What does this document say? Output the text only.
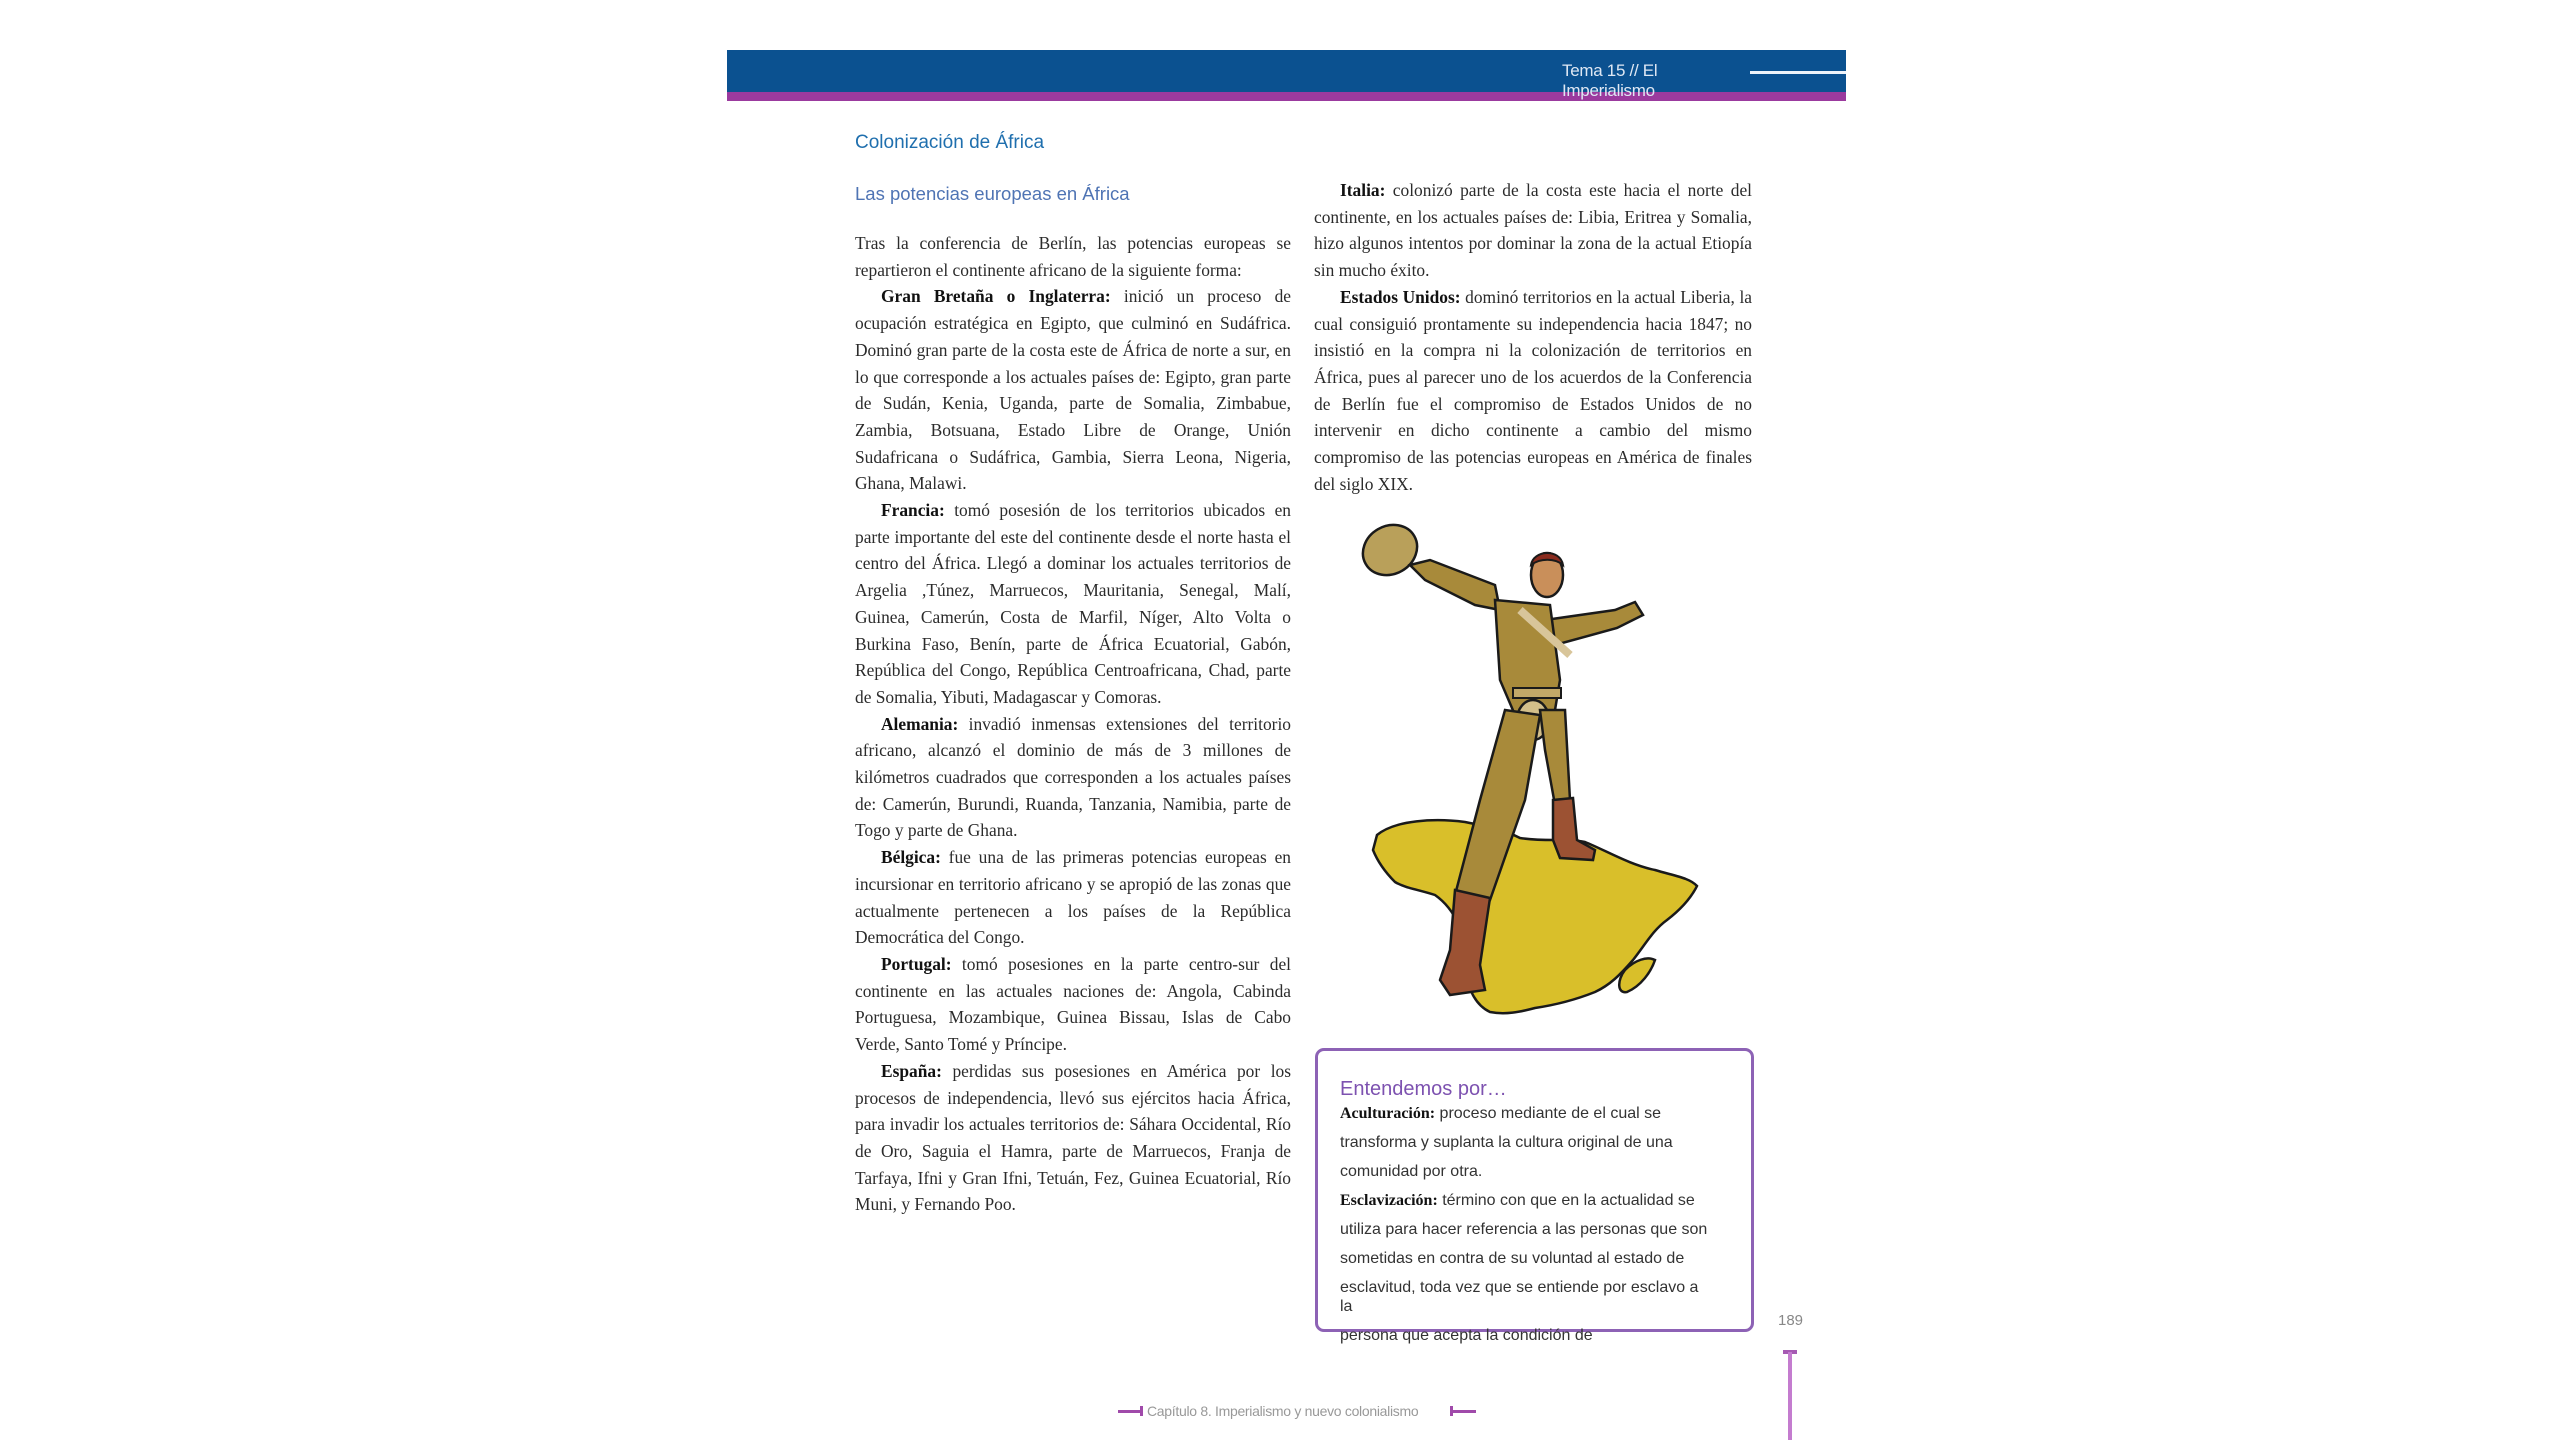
Tema 15 // El Imperialismo
Colonización de África
Las potencias europeas en África

Tras la conferencia de Berlín, las potencias europeas se repartieron el continente africano de la siguiente forma:

Gran Bretaña o Inglaterra: inició un proceso de ocupación estratégica en Egipto, que culminó en Sudáfrica. Dominó gran parte de la costa este de África de norte a sur, en lo que corresponde a los actuales países de: Egipto, gran parte de Sudán, Kenia, Uganda, parte de Somalia, Zimbabue, Zambia, Botsuana, Estado Libre de Orange, Unión Sudafricana o Sudáfrica, Gambia, Sierra Leona, Nigeria, Ghana, Malawi.

Francia: tomó posesión de los territorios ubicados en parte importante del este del continente desde el norte hasta el centro del África. Llegó a dominar los actuales territorios de Argelia ,Túnez, Marruecos, Mauritania, Senegal, Malí, Guinea, Camerún, Costa de Marfil, Níger, Alto Volta o Burkina Faso, Benín, parte de África Ecuatorial, Gabón, República del Congo, República Centroafricana, Chad, parte de Somalia, Yibuti, Madagascar y Comoras.

Alemania: invadió inmensas extensiones del territorio africano, alcanzó el dominio de más de 3 millones de kilómetros cuadrados que corresponden a los actuales países de: Camerún, Burundi, Ruanda, Tanzania, Namibia, parte de Togo y parte de Ghana.

Bélgica: fue una de las primeras potencias europeas en incursionar en territorio africano y se apropió de las zonas que actualmente pertenecen a los países de la República Democrática del Congo.

Portugal: tomó posesiones en la parte centro-sur del continente en las actuales naciones de: Angola, Cabinda Portuguesa, Mozambique, Guinea Bissau, Islas de Cabo Verde, Santo Tomé y Príncipe.

España: perdidas sus posesiones en América por los procesos de independencia, llevó sus ejércitos hacia África, para invadir los actuales territorios de: Sáhara Occidental, Río de Oro, Saguia el Hamra, parte de Marruecos, Franja de Tarfaya, Ifni y Gran Ifni, Tetuán, Fez, Guinea Ecuatorial, Río Muni, y Fernando Poo.

Italia: colonizó parte de la costa este hacia el norte del continente, en los actuales países de: Libia, Eritrea y Somalia, hizo algunos intentos por dominar la zona de la actual Etiopía sin mucho éxito.

Estados Unidos: dominó territorios en la actual Liberia, la cual consiguió prontamente su independencia hacia 1847; no insistió en la compra ni la colonización de territorios en África, pues al parecer uno de los acuerdos de la Conferencia de Berlín fue el compromiso de Estados Unidos de no intervenir en dicho continente a cambio del mismo compromiso de las potencias europeas en América de finales del siglo XIX.

Entendemos por…
Aculturación: proceso mediante de el cual se
transforma y suplanta la cultura original de una
comunidad por otra.
Esclavización: término con que en la actualidad se
utiliza para hacer referencia a las personas que son
sometidas en contra de su voluntad al estado de
esclavitud, toda vez que se entiende por esclavo a la
persona que acepta la condición de
189
Capítulo 8. Imperialismo y nuevo colonialismo
